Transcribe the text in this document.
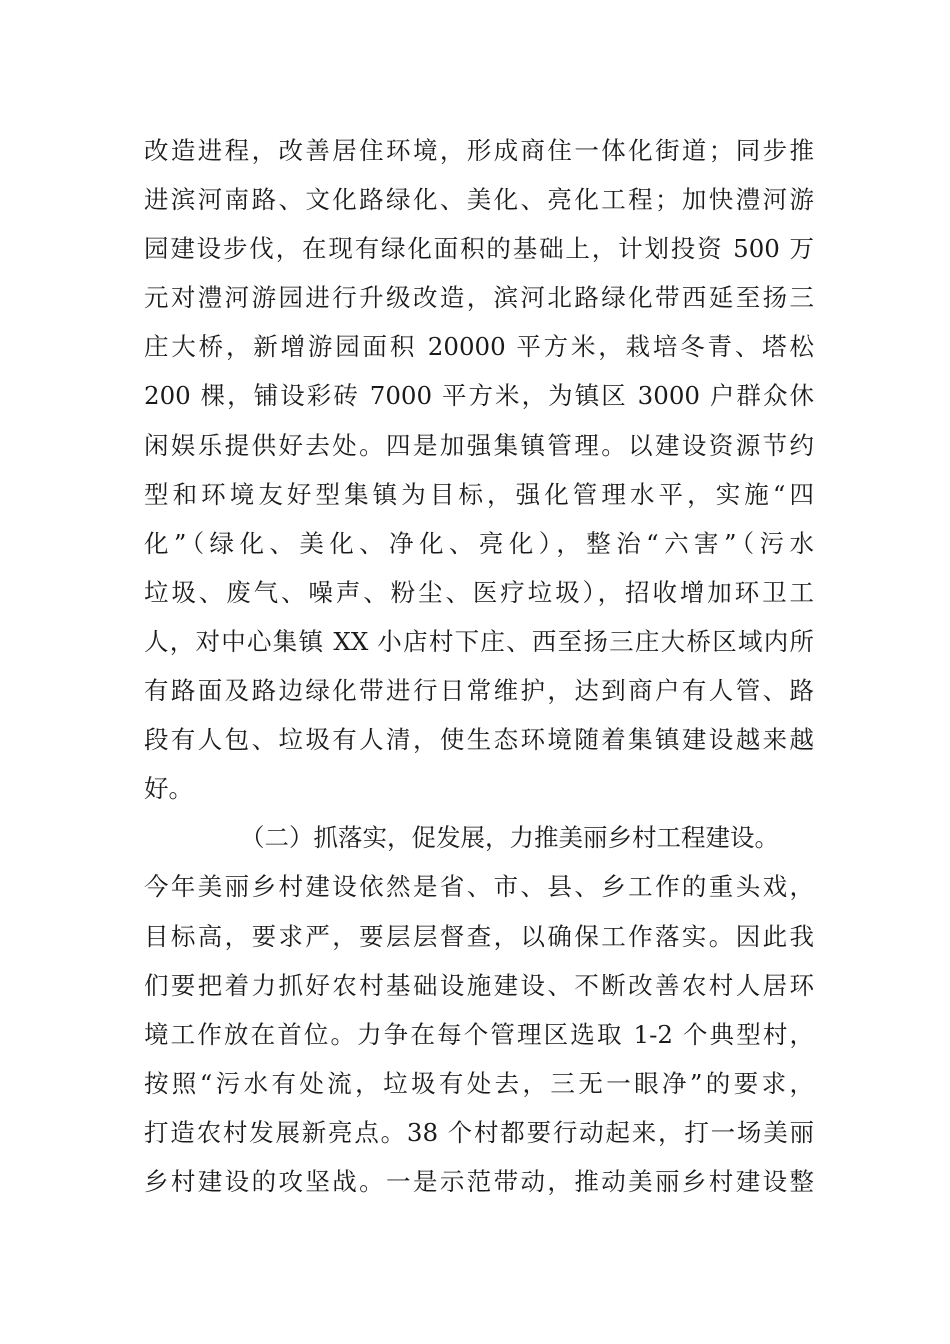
改造进程，改善居住环境，形成商住一体化街道；同步推
进滨河南路、文化路绿化、美化、亮化工程；加快澧河游
园建设步伐，在现有绿化面积的基础上，计划投资 500 万
元对澧河游园进行升级改造，滨河北路绿化带西延至扬三
庄大桥，新增游园面积 20000 平方米，栽培冬青、塔松
200 棵，铺设彩砖 7000 平方米，为镇区 3000 户群众休
闲娱乐提供好去处。四是加强集镇管理。以建设资源节约
型和环境友好型集镇为目标，强化管理水平，实施“四
化”（绿化、美化、净化、亮化），整治“六害”（污水
垃圾、废气、噪声、粉尘、医疗垃圾），招收增加环卫工
人，对中心集镇 XX 小店村下庄、西至扬三庄大桥区域内所
有路面及路边绿化带进行日常维护，达到商户有人管、路
段有人包、垃圾有人清，使生态环境随着集镇建设越来越
好。
（二）抓落实，促发展，力推美丽乡村工程建设。
今年美丽乡村建设依然是省、市、县、乡工作的重头戏，
目标高，要求严，要层层督查，以确保工作落实。因此我
们要把着力抓好农村基础设施建设、不断改善农村人居环
境工作放在首位。力争在每个管理区选取 1-2 个典型村，
按照“污水有处流，垃圾有处去，三无一眼净”的要求，
打造农村发展新亮点。38 个村都要行动起来，打一场美丽
乡村建设的攻坚战。一是示范带动，推动美丽乡村建设整
